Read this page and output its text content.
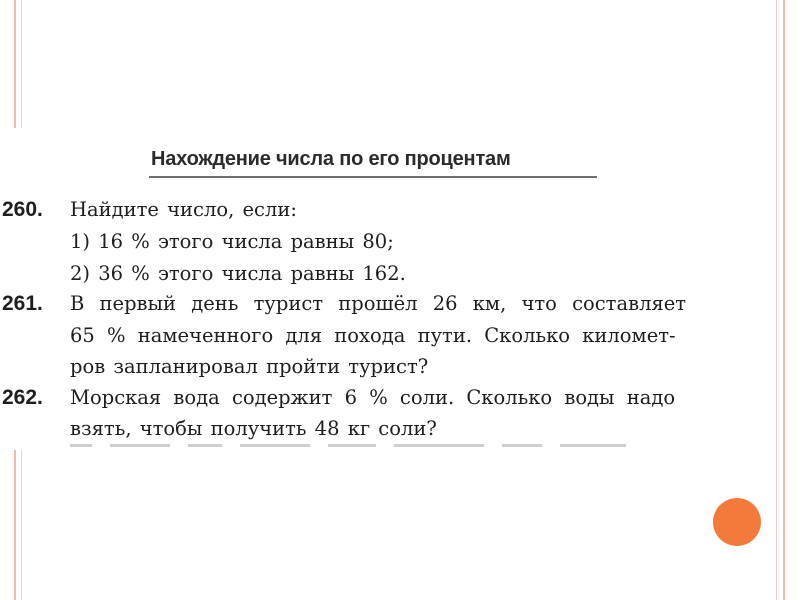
Нахождение числа по его процентам
260. Найдите число, если:
1) 16 % этого числа равны 80;
2) 36 % этого числа равны 162.
261. В первый день турист прошёл 26 км, что составляет
65 % намеченного для похода пути. Сколько километ-
ров запланировал пройти турист?
262. Морская вода содержит 6 % соли. Сколько воды надо
взять, чтобы получить 48 кг соли?
